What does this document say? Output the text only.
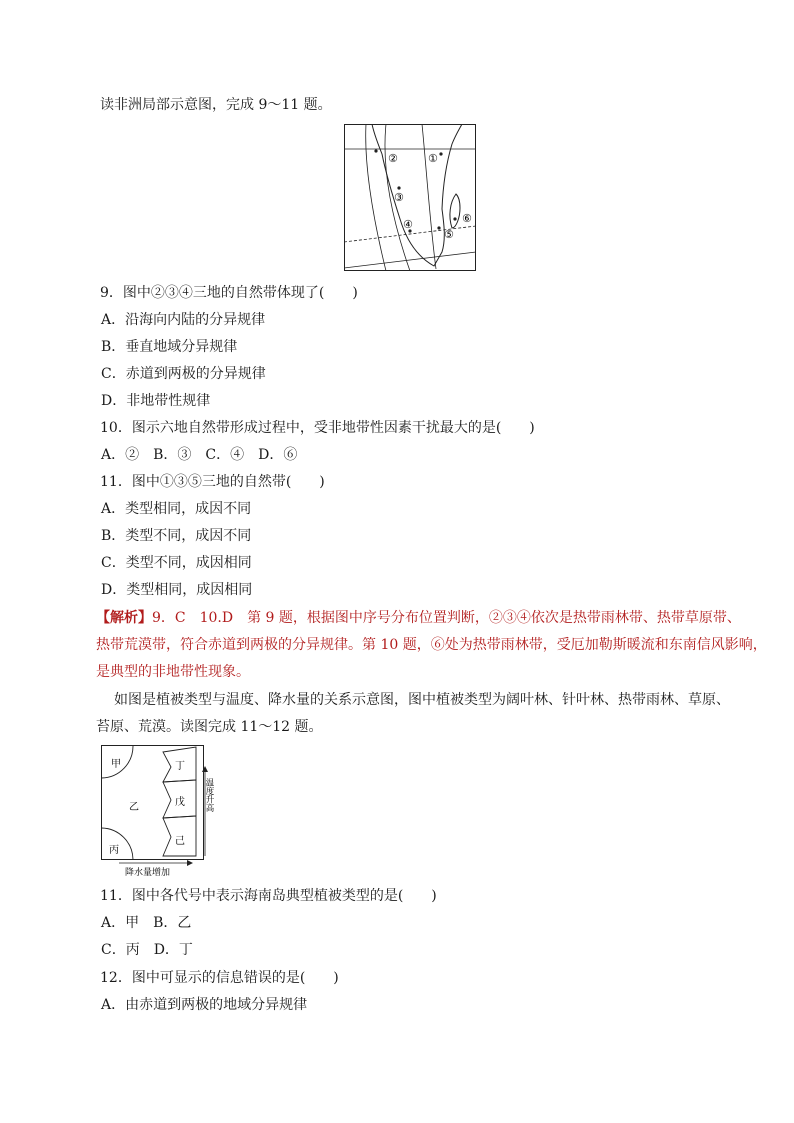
读非洲局部示意图，完成 9～11 题。
①
②
③
④
⑤
⑥
9．图中②③④三地的自然带体现了(　　)
A．沿海向内陆的分异规律
B．垂直地域分异规律
C．赤道到两极的分异规律
D．非地带性规律
10．图示六地自然带形成过程中，受非地带性因素干扰最大的是(　　)
A．②　B．③　C．④　D．⑥
11．图中①③⑤三地的自然带(　　)
A．类型相同，成因不同
B．类型不同，成因不同
C．类型不同，成因相同
D．类型相同，成因相同
【解析】9．C　10.D　第 9 题，根据图中序号分布位置判断，②③④依次是热带雨林带、热带草原带、
热带荒漠带，符合赤道到两极的分异规律。第 10 题，⑥处为热带雨林带，受厄加勒斯暖流和东南信风影响，
是典型的非地带性现象。
如图是植被类型与温度、降水量的关系示意图，图中植被类型为阔叶林、针叶林、热带雨林、草原、
苔原、荒漠。读图完成 11～12 题。
甲
乙
丙
丁
戊
己
温度升高
降水量增加
11．图中各代号中表示海南岛典型植被类型的是(　　)
A．甲　B．乙
C．丙　D．丁
12．图中可显示的信息错误的是(　　)
A．由赤道到两极的地域分异规律
